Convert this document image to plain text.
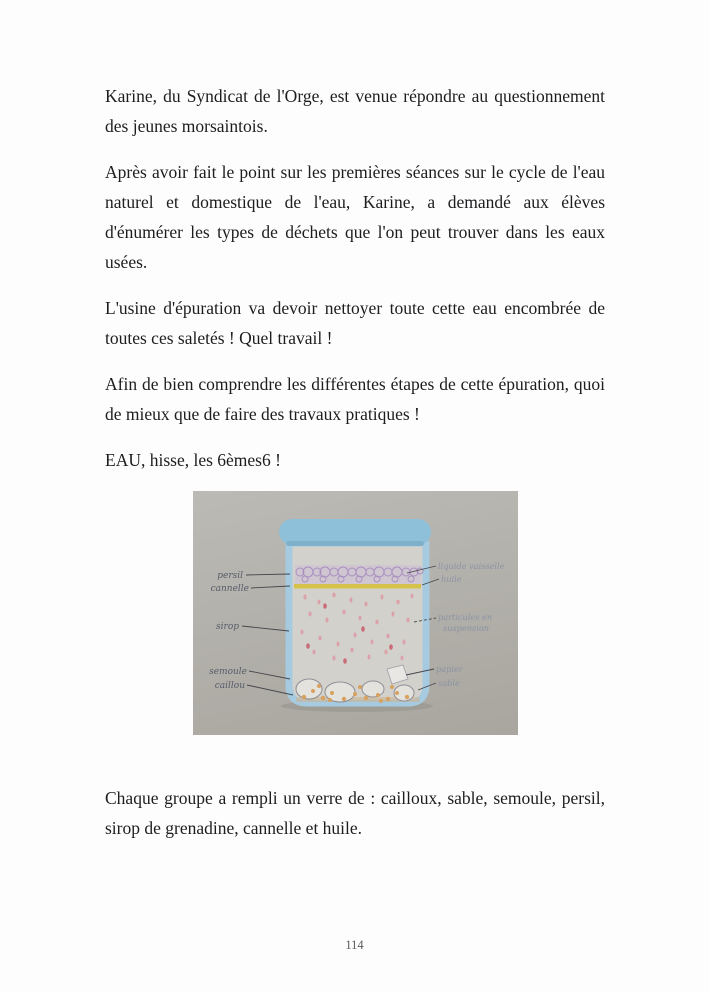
Karine, du Syndicat de l'Orge, est venue répondre au questionnement des jeunes morsaintois.

Après avoir fait le point sur les premières séances sur le cycle de l'eau naturel et domestique de l'eau, Karine, a demandé aux élèves d'énumérer les types de déchets que l'on peut trouver dans les eaux usées.

L'usine d'épuration va devoir nettoyer toute cette eau encombrée de toutes ces saletés ! Quel travail !

Afin de bien comprendre les différentes étapes de cette épuration, quoi de mieux que de faire des travaux pratiques !

EAU, hisse, les 6èmes6 !

persil
cannelle
sirop
semoule
caillou
liquide vaisselle
huile
particules en
suspension
papier
sable

Chaque groupe a rempli un verre de : cailloux, sable, semoule, persil, sirop de grenadine, cannelle et huile.

114
